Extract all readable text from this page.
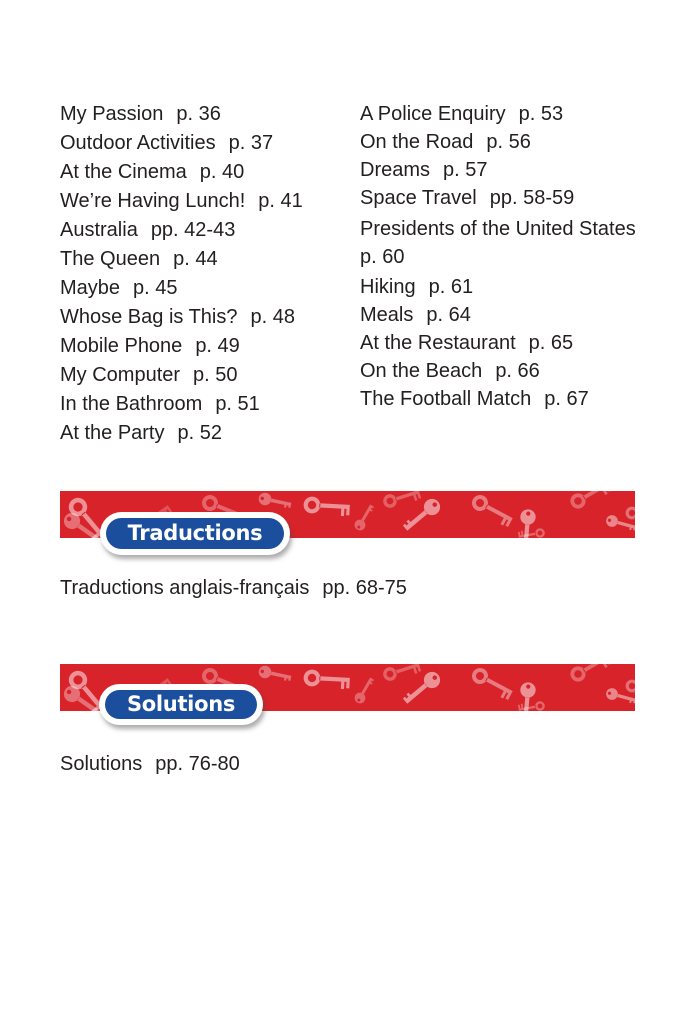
My Passion p. 36
Outdoor Activities p. 37
At the Cinema p. 40
We’re Having Lunch! p. 41
Australia pp. 42-43
The Queen p. 44
Maybe p. 45
Whose Bag is This? p. 48
Mobile Phone p. 49
My Computer p. 50
In the Bathroom p. 51
At the Party p. 52
A Police Enquiry p. 53
On the Road p. 56
Dreams p. 57
Space Travel pp. 58-59
Presidents of the United States
p. 60
Hiking p. 61
Meals p. 64
At the Restaurant p. 65
On the Beach p. 66
The Football Match p. 67
Traductions
Traductions anglais-français pp. 68-75
Solutions
Solutions pp. 76-80
